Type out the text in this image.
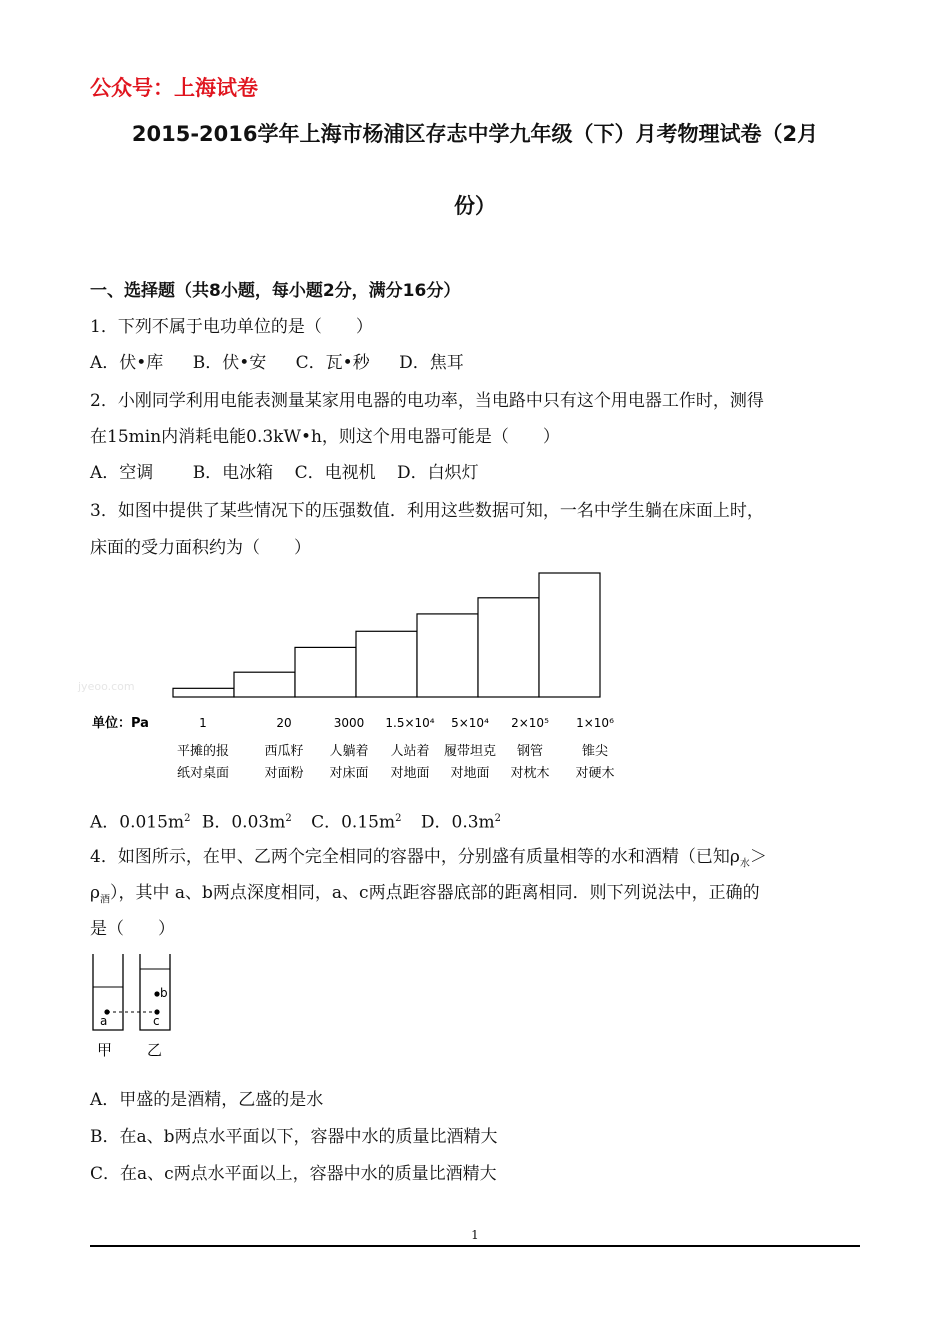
公众号：上海试卷
2015-2016学年上海市杨浦区存志中学九年级（下）月考物理试卷（2月
份）
一、选择题（共8小题，每小题2分，满分16分）
1．下列不属于电功单位的是（　　）
A．伏•库 B．伏•安 C．瓦•秒 D．焦耳
2．小刚同学利用电能表测量某家用电器的电功率，当电路中只有这个用电器工作时，测得
在15min内消耗电能0.3kW•h，则这个用电器可能是（　　）
A．空调 B．电冰箱 C．电视机 D．白炽灯
3．如图中提供了某些情况下的压强数值．利用这些数据可知，一名中学生躺在床面上时，
床面的受力面积约为（　　）
单位：Pa
jyeoo.com
1	20	3000 1.5×10⁴ 5×10⁴ 2×10⁵ 1×10⁶
平摊的报	西瓜籽 人躺着 人站着 履带坦克 钢管	锥尖
纸对桌面	对面粉 对床面 对地面 对地面 对枕木 对硬木
A．$0.015m^2$ B．$0.03m^2$ C．$0.15m^2$ D．$0.3m^2$
4．如图所示，在甲、乙两个完全相同的容器中，分别盛有质量相等的水和酒精（已知$\rho_水>$
$\rho_酒$），其中 a、b两点深度相同，a、c两点距容器底部的距离相同．则下列说法中，正确的
是（　　）
a	c
b
甲 乙
A．甲盛的是酒精，乙盛的是水
B．在a、b两点水平面以下，容器中水的质量比酒精大
C．在a、c两点水平面以上，容器中水的质量比酒精大
1
